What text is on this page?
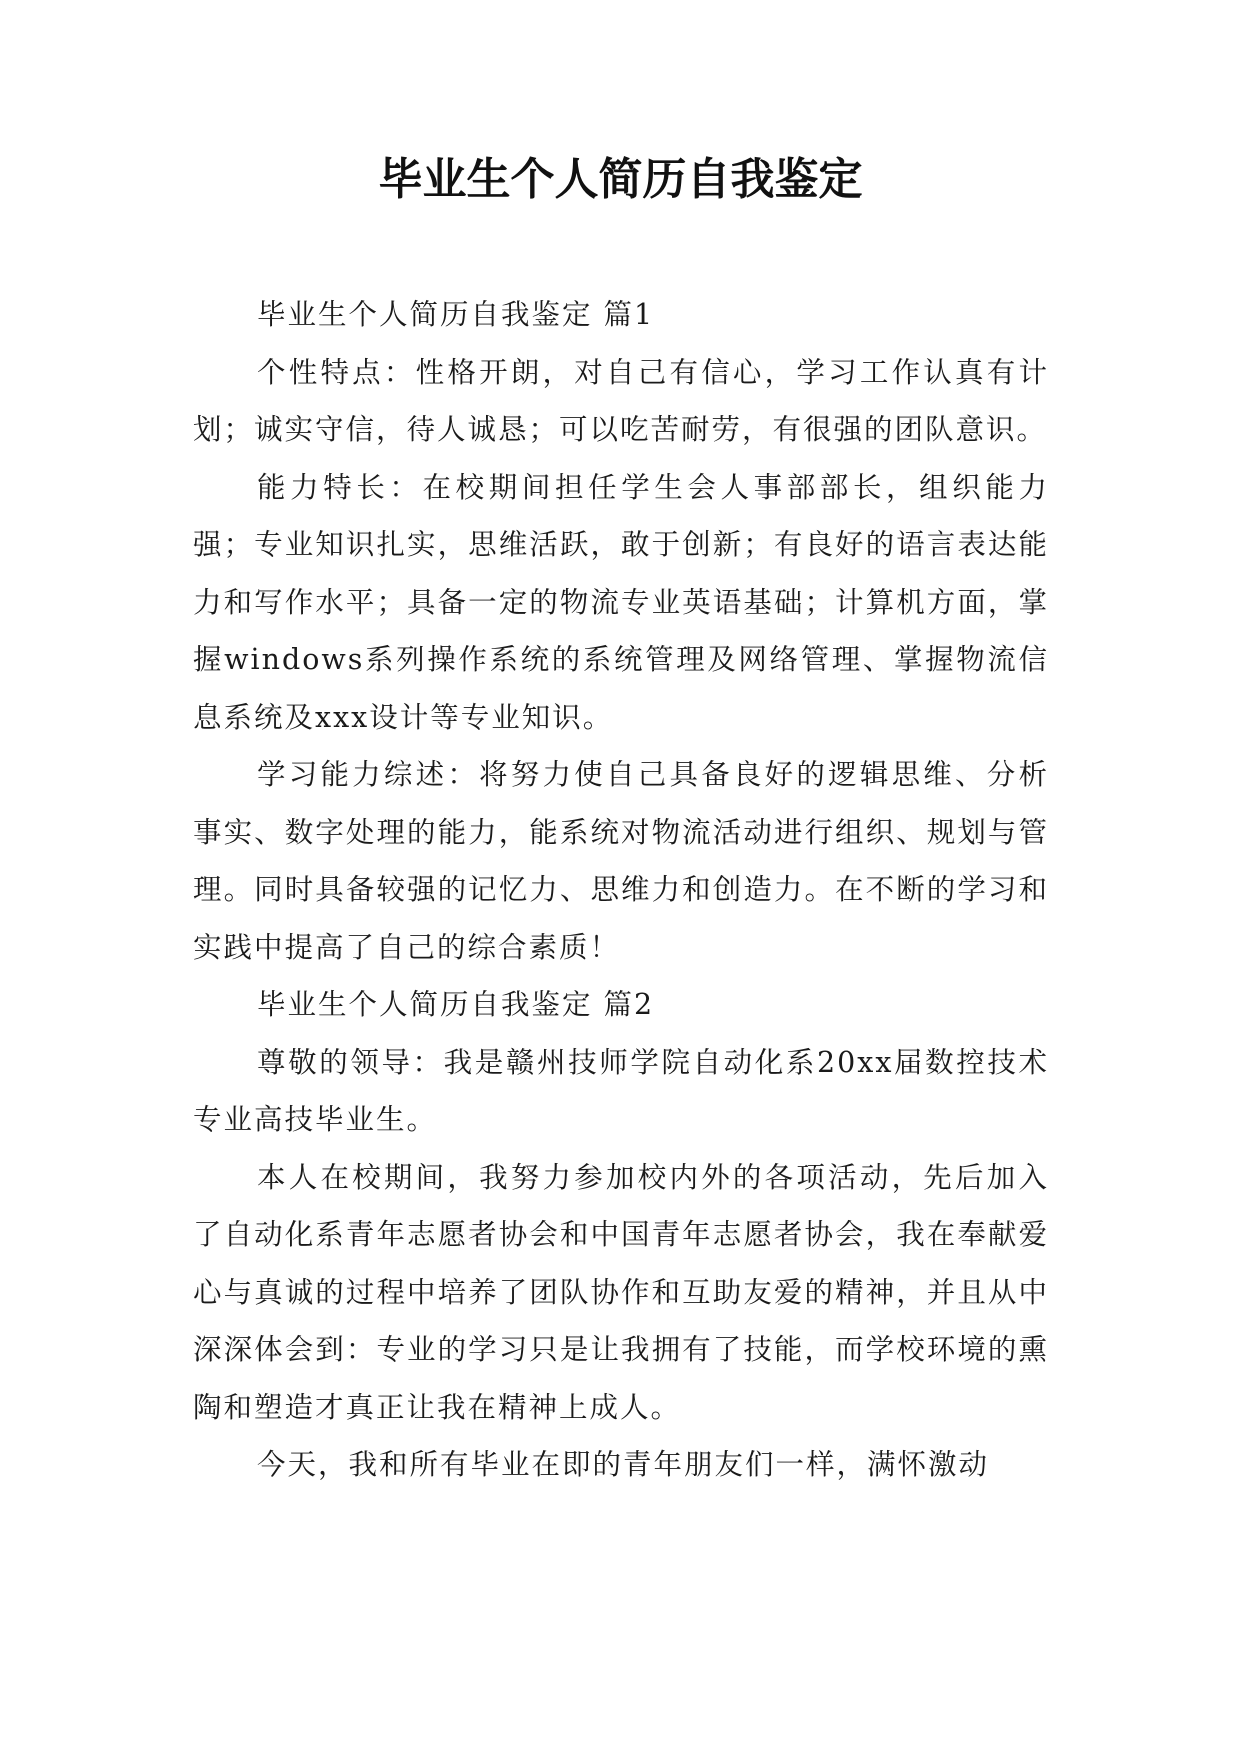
毕业生个人简历自我鉴定

毕业生个人简历自我鉴定 篇1

个性特点：性格开朗，对自己有信心，学习工作认真有计划；诚实守信，待人诚恳；可以吃苦耐劳，有很强的团队意识。

能力特长：在校期间担任学生会人事部部长，组织能力强；专业知识扎实，思维活跃，敢于创新；有良好的语言表达能力和写作水平；具备一定的物流专业英语基础；计算机方面，掌握windows系列操作系统的系统管理及网络管理、掌握物流信息系统及xxx设计等专业知识。

学习能力综述：将努力使自己具备良好的逻辑思维、分析事实、数字处理的能力，能系统对物流活动进行组织、规划与管理。同时具备较强的记忆力、思维力和创造力。在不断的学习和实践中提高了自己的综合素质！

毕业生个人简历自我鉴定 篇2

尊敬的领导：我是赣州技师学院自动化系20xx届数控技术专业高技毕业生。

本人在校期间，我努力参加校内外的各项活动，先后加入了自动化系青年志愿者协会和中国青年志愿者协会，我在奉献爱心与真诚的过程中培养了团队协作和互助友爱的精神，并且从中深深体会到：专业的学习只是让我拥有了技能，而学校环境的熏陶和塑造才真正让我在精神上成人。

今天，我和所有毕业在即的青年朋友们一样，满怀激动
